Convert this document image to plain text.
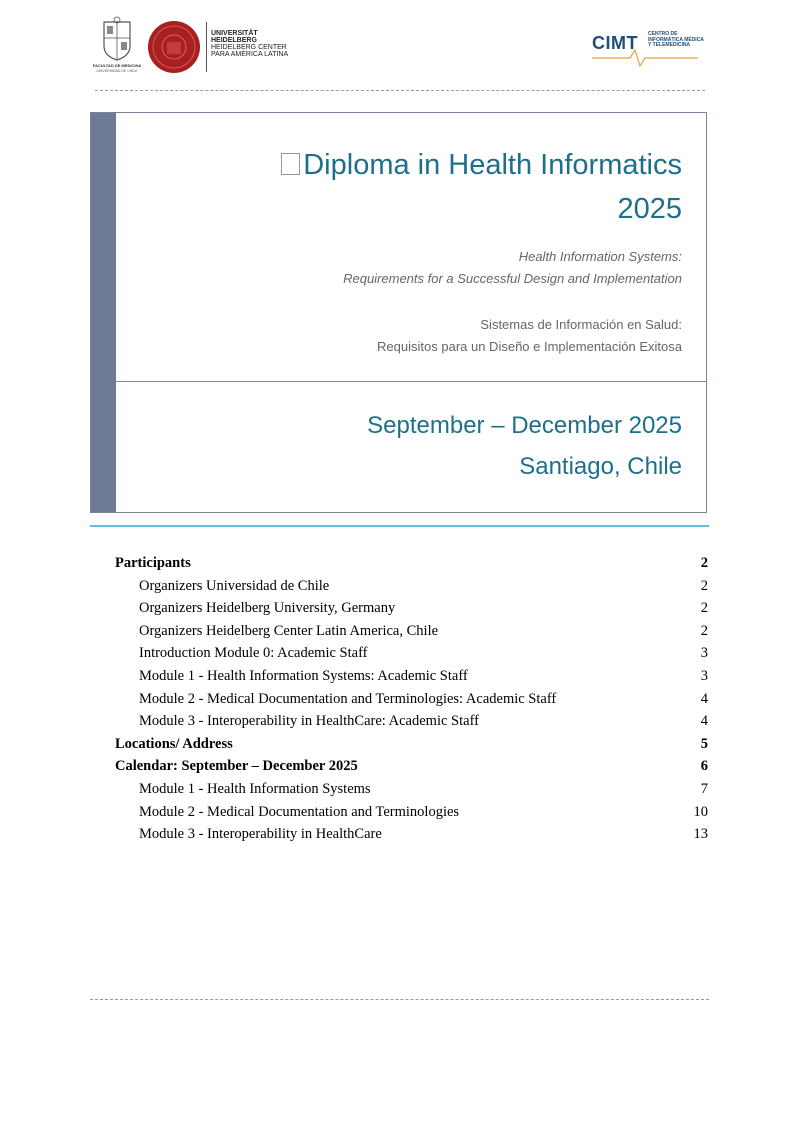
FACULTAD DE MEDICINA
UNIVERSIDAD DE CHILE
UNIVERSITÄT
HEIDELBERG
HEIDELBERG CENTER
PARA AMÉRICA LATINA
CIMT CENTRO DE
INFORMÁTICA MÉDICA
Y TELEMEDICINA
Diploma in Health Informatics
2025
Health Information Systems:
Requirements for a Successful Design and Implementation
Sistemas de Información en Salud:
Requisitos para un Diseño e Implementación Exitosa
September – December 2025
Santiago, Chile
Participants	2
Organizers Universidad de Chile	2
Organizers Heidelberg University, Germany	2
Organizers Heidelberg Center Latin America, Chile	2
Introduction Module 0: Academic Staff	3
Module 1 - Health Information Systems: Academic Staff	3
Module 2 - Medical Documentation and Terminologies: Academic Staff	4
Module 3 - Interoperability in HealthCare: Academic Staff	4
Locations/ Address	5
Calendar: September – December 2025	6
Module 1 - Health Information Systems	7
Module 2 - Medical Documentation and Terminologies	10
Module 3 - Interoperability in HealthCare	13
